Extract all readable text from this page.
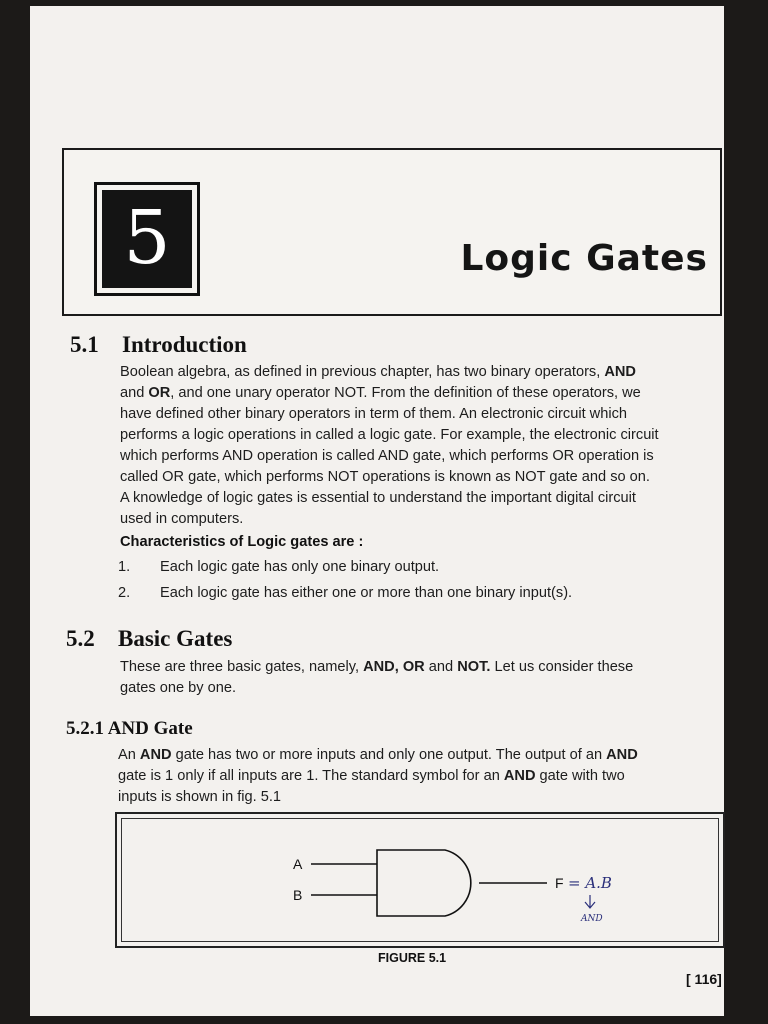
5	Logic Gates
5.1 Introduction
Boolean algebra, as defined in previous chapter, has two binary operators, AND
and OR, and one unary operator NOT. From the definition of these operators, we
have defined other binary operators in term of them. An electronic circuit which
performs a logic operations in called a logic gate. For example, the electronic circuit
which performs AND operation is called AND gate, which performs OR operation is
called OR gate, which performs NOT operations is known as NOT gate and so on.
A knowledge of logic gates is essential to understand the important digital circuit
used in computers.
Characteristics of Logic gates are :
1. Each logic gate has only one binary output.
2. Each logic gate has either one or more than one binary input(s).
5.2 Basic Gates
These are three basic gates, namely, AND, OR and NOT. Let us consider these
gates one by one.
5.2.1 AND Gate
An AND gate has two or more inputs and only one output. The output of an AND
gate is 1 only if all inputs are 1. The standard symbol for an AND gate with two
inputs is shown in fig. 5.1
A
B
F = A.B
AND
FIGURE 5.1
[ 116]
